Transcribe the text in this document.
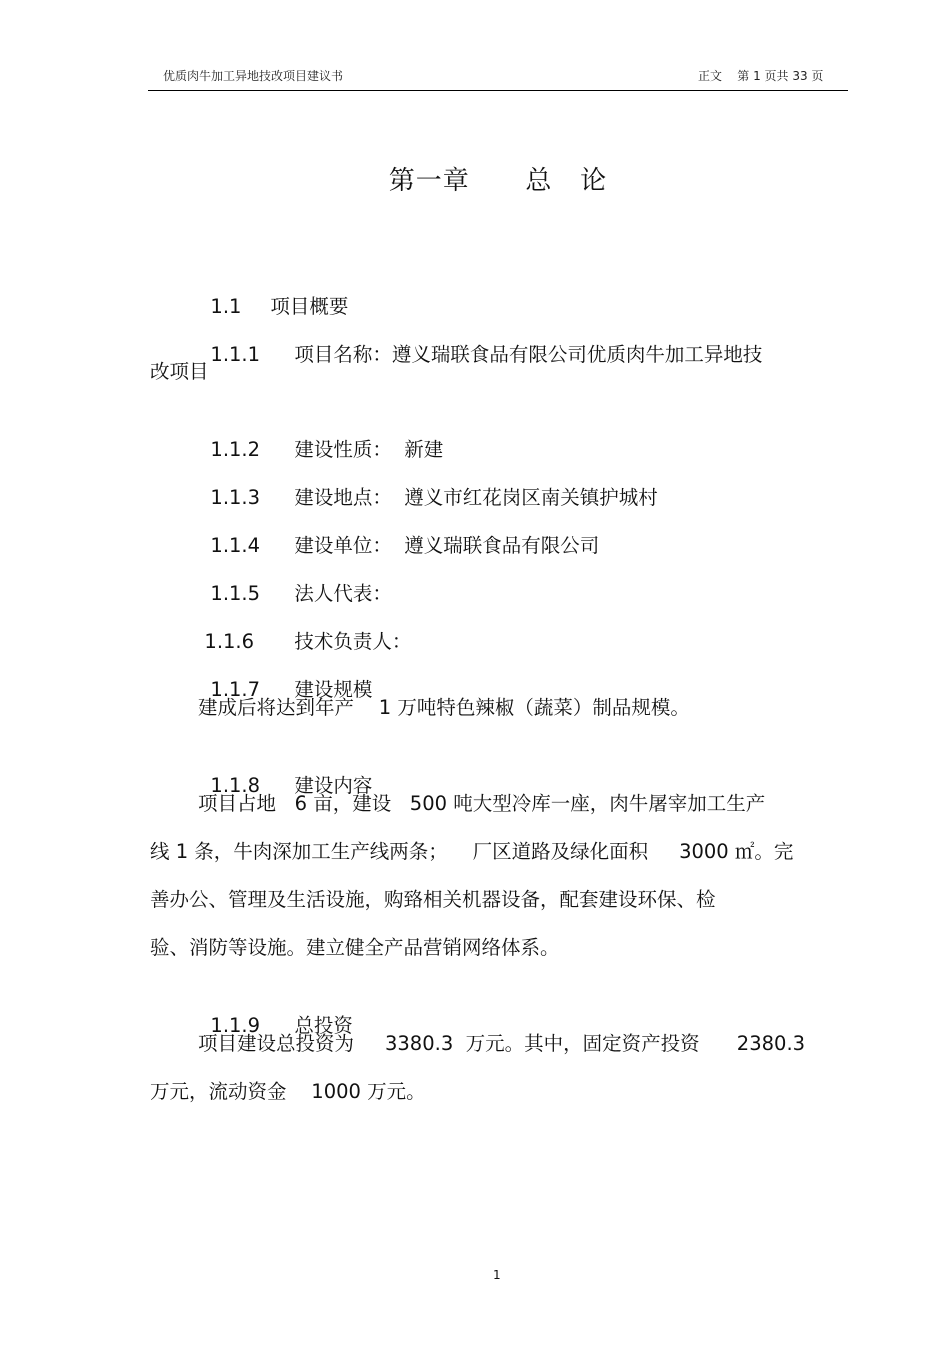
优质肉牛加工异地技改项目建议书	正文    第 1 页共 33 页
第一章      总   论

1.1 项目概要

1.1.1 项目名称：遵义瑞联食品有限公司优质肉牛加工异地技

改项目

1.1.2 建设性质：  新建

1.1.3 建设地点：  遵义市红花岗区南关镇护城村

1.1.4 建设单位：  遵义瑞联食品有限公司

1.1.5 法人代表：

1.1.6 技术负责人：

1.1.7 建设规模

建成后将达到年产    1 万吨特色辣椒（蔬菜）制品规模。

1.1.8 建设内容

项目占地   6 亩，建设   500 吨大型冷库一座，肉牛屠宰加工生产
线 1 条，牛肉深加工生产线两条；    厂区道路及绿化面积     3000 ㎡。完
善办公、管理及生活设施，购臵相关机器设备，配套建设环保、检
验、消防等设施。建立健全产品营销网络体系。

1.1.9 总投资

项目建设总投资为     3380.3  万元。其中，固定资产投资      2380.3
万元，流动资金    1000 万元。
1
